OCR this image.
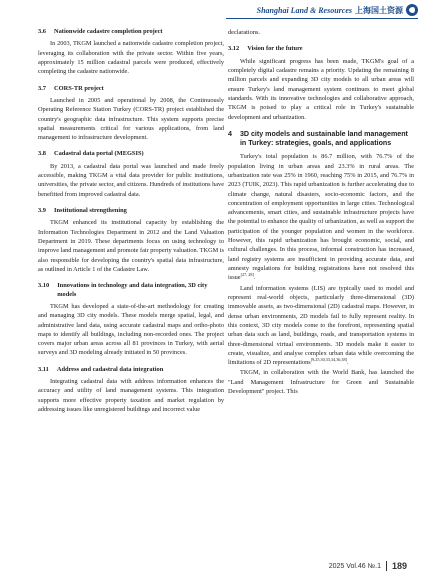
Shanghai Land & Resources 上海国土资源
3.6 Nationwide cadastre completion project

In 2003, TKGM launched a nationwide cadastre completion project, leveraging its collaboration with the private sector. Within five years, approximately 15 million cadastral parcels were produced, effectively completing the cadastre nationwide.

3.7 CORS-TR project

Launched in 2005 and operational by 2008, the Continuously Operating Reference Station Turkey (CORS-TR) project established the country's geographic data infrastructure. This system supports precise spatial measurements critical for various applications, from land management to infrastructure development.

3.8 Cadastral data portal (MEGSIS)

By 2013, a cadastral data portal was launched and made freely accessible, making TKGM a vital data provider for public institutions, universities, the private sector, and citizens. Hundreds of institutions have benefitted from improved cadastral data.

3.9 Institutional strengthening

TKGM enhanced its institutional capacity by establishing the Information Technologies Department in 2012 and the Land Valuation Department in 2019. These departments focus on using technology to improve land management and promote fair property valuation. TKGM is also responsible for developing the country's spatial data infrastructure, as outlined in Article 1 of the Cadastre Law.

3.10 Innovations in technology and data integration, 3D city models

TKGM has developed a state-of-the-art methodology for creating and managing 3D city models. These models merge spatial, legal, and administrative land data, using accurate cadastral maps and ortho-photo maps to identify all buildings, including non-recorded ones. The project covers major urban areas across all 81 provinces in Turkey, with aerial surveys and 3D modeling already initiated in 50 provinces.

3.11 Address and cadastral data integration

Integrating cadastral data with address information enhances the accuracy and utility of land management systems. This integration supports more effective property taxation and market regulation by addressing issues like unregistered buildings and incorrect value

declarations.

3.12 Vision for the future

While significant progress has been made, TKGM's goal of a completely digital cadastre remains a priority. Updating the remaining 8 million parcels and expanding 3D city models to all urban areas will ensure Turkey's land management system continues to meet global standards. With its innovative technologies and collaborative approach, TKGM is poised to play a critical role in Turkey's sustainable development and urbanization.

4 3D city models and sustainable land management in Turkey: strategies, goals, and applications

Turkey's total population is 86.7 million, with 76.7% of the population living in urban areas and 23.3% in rural areas. The urbanization rate was 25% in 1960, reaching 75% in 2015, and 76.7% in 2023 (TUIK, 2023). This rapid urbanization is further accelerating due to climate change, natural disasters, socio-economic factors, and the concentration of employment opportunities in large cities. Technological advancements, smart cities, and sustainable infrastructure projects have the potential to enhance the quality of urbanization, as well as support the participation of the younger population and women in the workforce. However, this rapid urbanization has brought economic, social, and cultural challenges. In this process, informal construction has increased, land registry systems are insufficient in providing accurate data, and amnesty regulations for building registrations have not resolved this issue[27, 28].

Land information systems (LIS) are typically used to model and represent real-world objects, particularly three-dimensional (3D) immovable assets, as two-dimensional (2D) cadastral maps. However, in dense urban environments, 2D models fail to fully represent reality. In this context, 3D city models come to the forefront, representing spatial urban data such as land, buildings, roads, and transportation systems in three-dimensional virtual environments. 3D models make it easier to create, visualize, and analyse complex urban data while overcoming the limitations of 2D representations[9,25,30,33,34,36,38].

TKGM, in collaboration with the World Bank, has launched the "Land Management Infrastructure for Green and Sustainable Development" project. This

2025 Vol.46 №.1 189
